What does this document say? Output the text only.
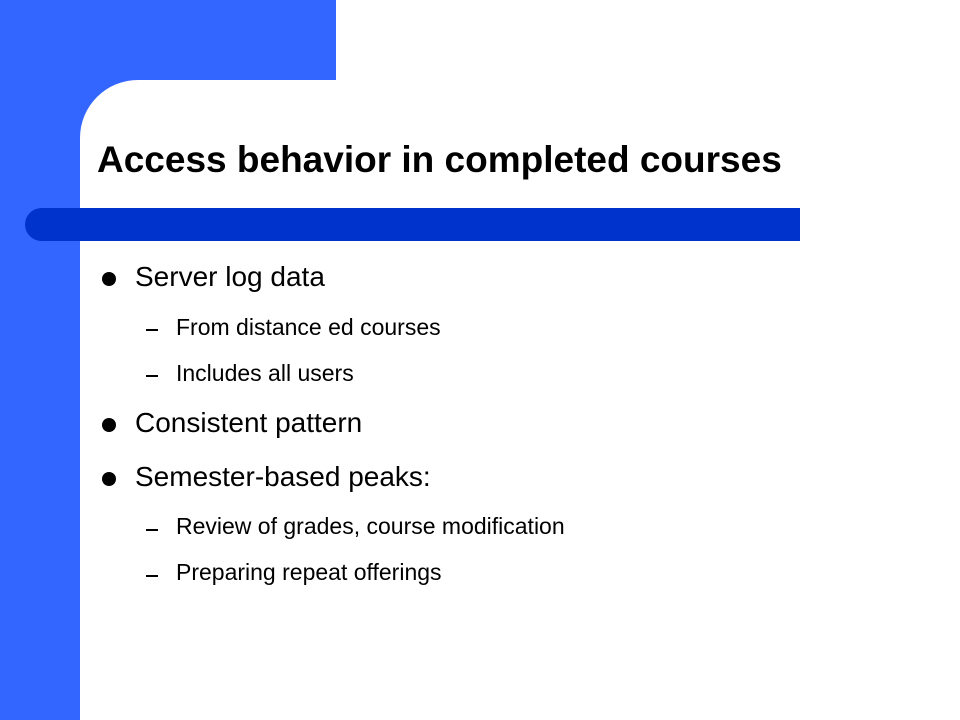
Access behavior in completed courses
Server log data
From distance ed courses
Includes all users
Consistent pattern
Semester-based peaks:
Review of grades, course modification
Preparing repeat offerings
